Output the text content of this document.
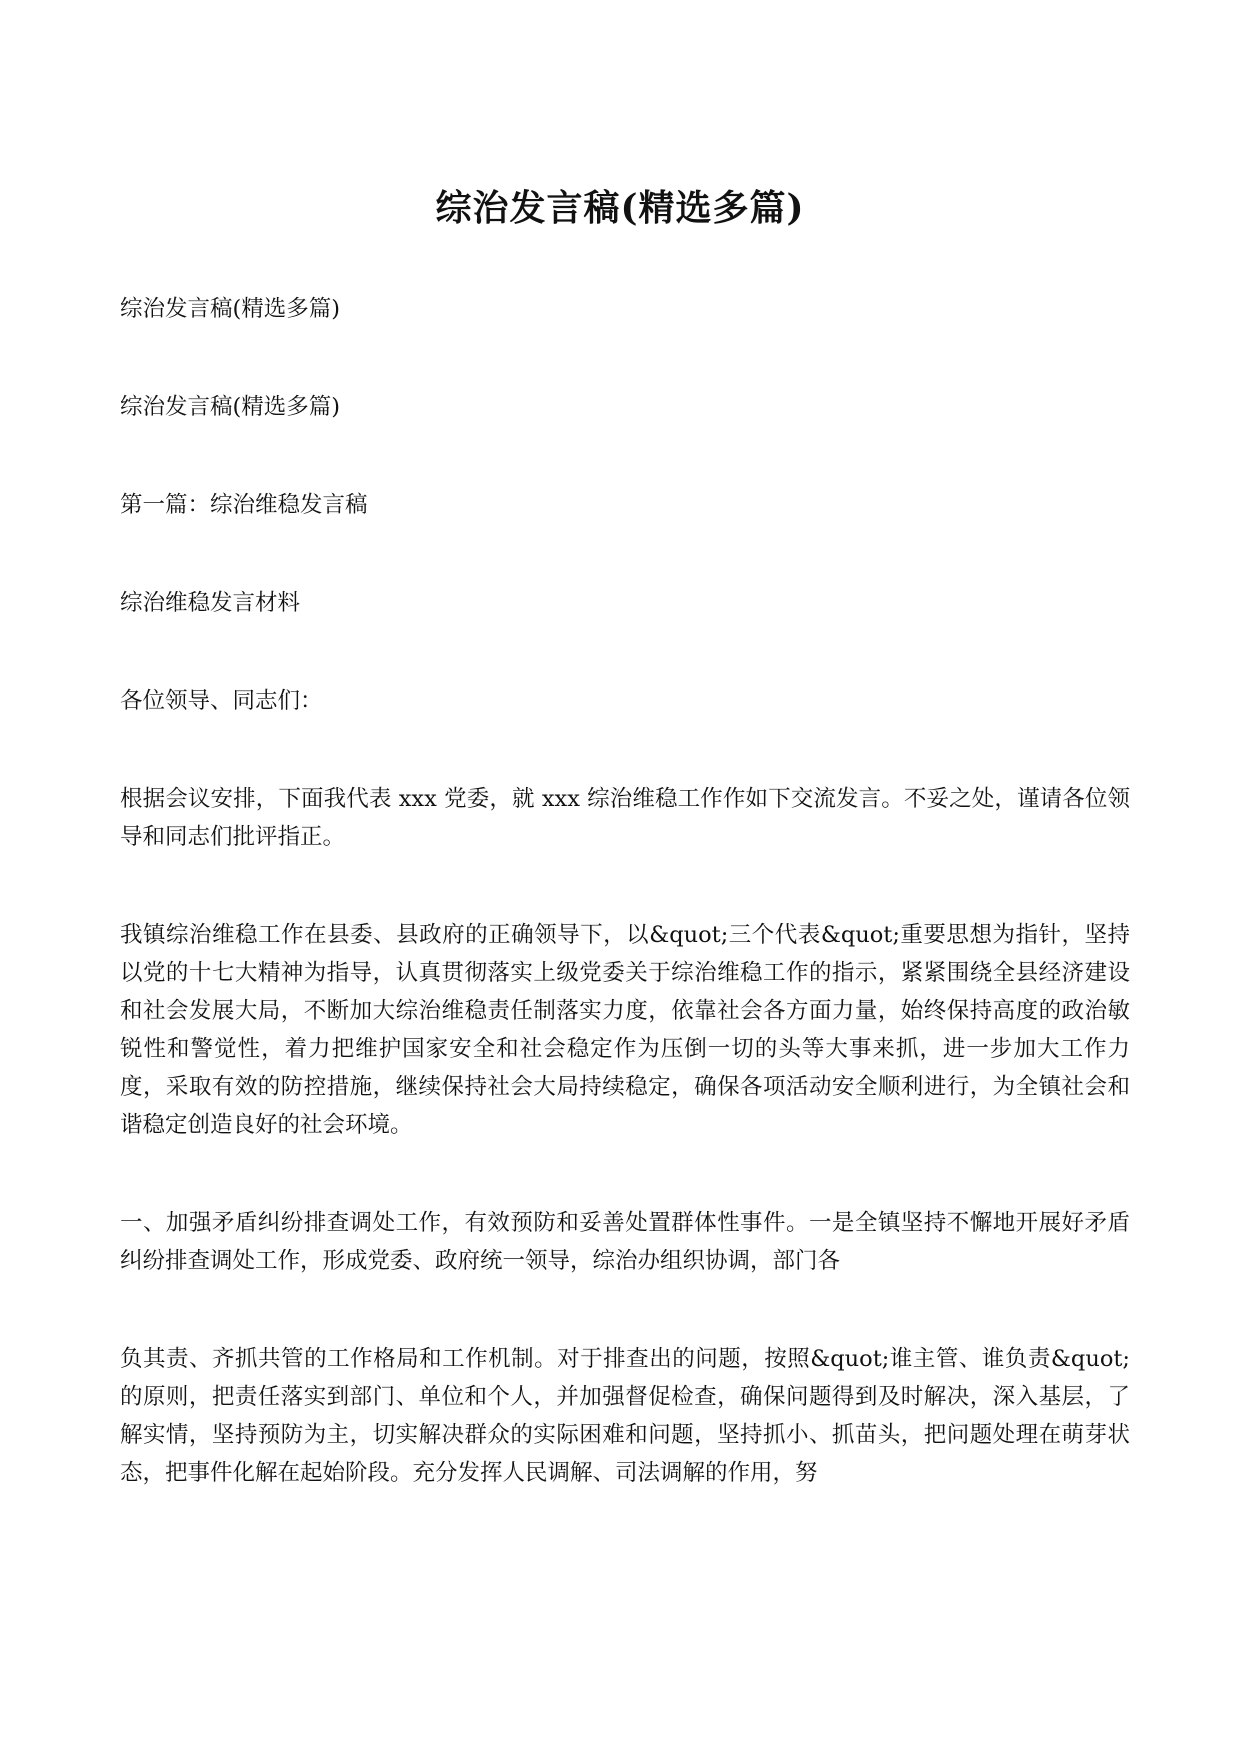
综治发言稿(精选多篇)

综治发言稿(精选多篇)

综治发言稿(精选多篇)

第一篇：综治维稳发言稿

综治维稳发言材料

各位领导、同志们：

根据会议安排，下面我代表 xxx 党委，就 xxx 综治维稳工作作如下交流发言。不妥之处，谨请各位领导和同志们批评指正。

我镇综治维稳工作在县委、县政府的正确领导下，以&quot;三个代表&quot;重要思想为指针，坚持以党的十七大精神为指导，认真贯彻落实上级党委关于综治维稳工作的指示，紧紧围绕全县经济建设和社会发展大局，不断加大综治维稳责任制落实力度，依靠社会各方面力量，始终保持高度的政治敏锐性和警觉性，着力把维护国家安全和社会稳定作为压倒一切的头等大事来抓，进一步加大工作力度，采取有效的防控措施，继续保持社会大局持续稳定，确保各项活动安全顺利进行，为全镇社会和谐稳定创造良好的社会环境。

一、加强矛盾纠纷排查调处工作，有效预防和妥善处置群体性事件。一是全镇坚持不懈地开展好矛盾纠纷排查调处工作，形成党委、政府统一领导，综治办组织协调，部门各

负其责、齐抓共管的工作格局和工作机制。对于排查出的问题，按照&quot;谁主管、谁负责&quot;的原则，把责任落实到部门、单位和个人，并加强督促检查，确保问题得到及时解决，深入基层，了解实情，坚持预防为主，切实解决群众的实际困难和问题，坚持抓小、抓苗头，把问题处理在萌芽状态，把事件化解在起始阶段。充分发挥人民调解、司法调解的作用，努
